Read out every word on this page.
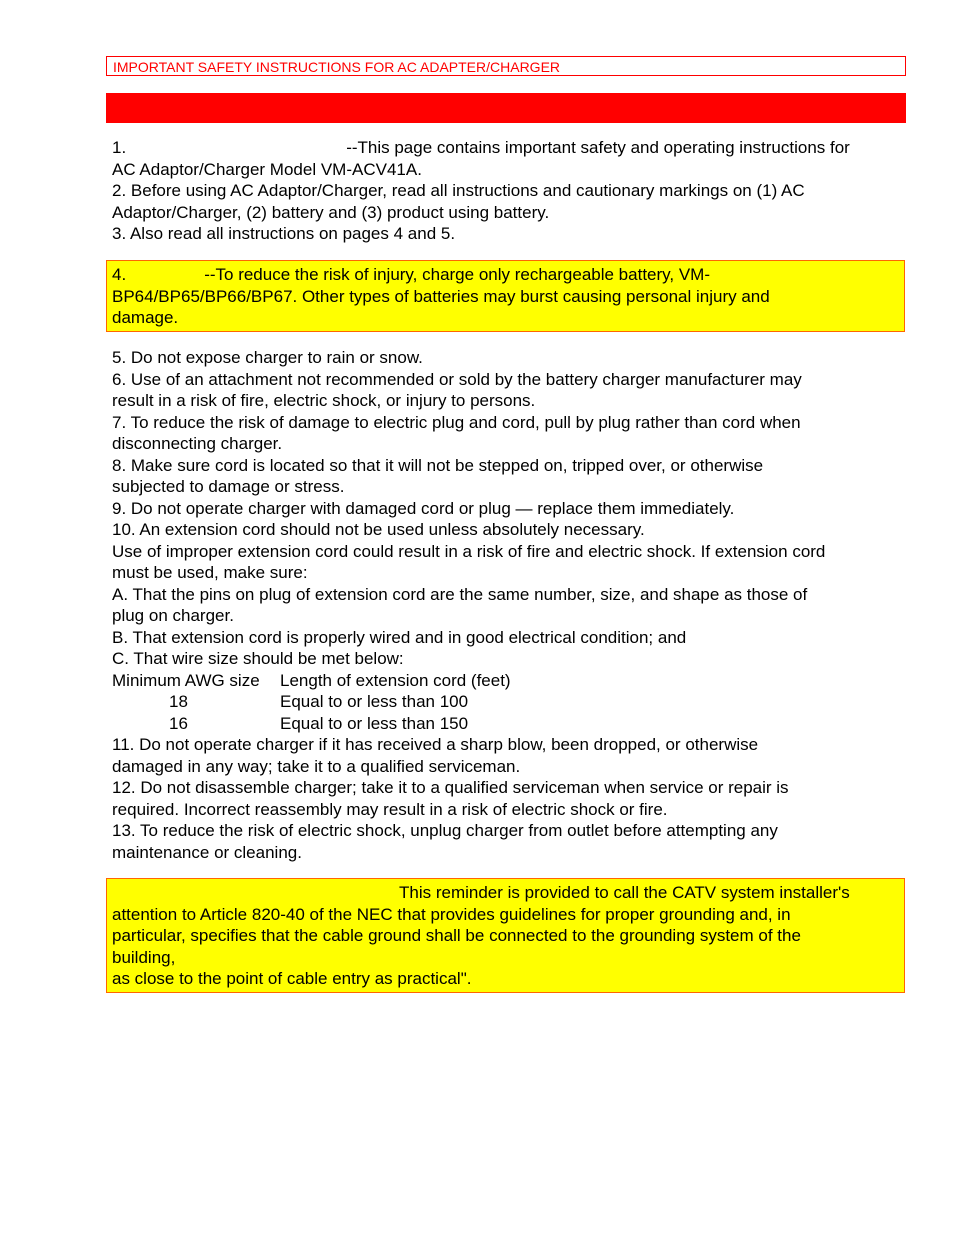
IMPORTANT SAFETY INSTRUCTIONS FOR AC ADAPTER/CHARGER
1.	--This page contains important safety and operating instructions for
AC Adaptor/Charger Model VM-ACV41A.
2. Before using AC Adaptor/Charger, read all instructions and cautionary markings on (1) AC
Adaptor/Charger, (2) battery and (3) product using battery.
3. Also read all instructions on pages 4 and 5.
4.	--To reduce the risk of injury, charge only rechargeable battery, VM-
BP64/BP65/BP66/BP67. Other types of batteries may burst causing personal injury and
damage.
5. Do not expose charger to rain or snow.
6. Use of an attachment not recommended or sold by the battery charger manufacturer may
result in a risk of fire, electric shock, or injury to persons.
7. To reduce the risk of damage to electric plug and cord, pull by plug rather than cord when
disconnecting charger.
8. Make sure cord is located so that it will not be stepped on, tripped over, or otherwise
subjected to damage or stress.
9. Do not operate charger with damaged cord or plug — replace them immediately.
10. An extension cord should not be used unless absolutely necessary.
Use of improper extension cord could result in a risk of fire and electric shock. If extension cord
must be used, make sure:
A. That the pins on plug of extension cord are the same number, size, and shape as those of
plug on charger.
B. That extension cord is properly wired and in good electrical condition; and
C. That wire size should be met below:
Minimum AWG size Length of extension cord (feet)
18	Equal to or less than 100
16	Equal to or less than 150
11. Do not operate charger if it has received a sharp blow, been dropped, or otherwise
damaged in any way; take it to a qualified serviceman.
12. Do not disassemble charger; take it to a qualified serviceman when service or repair is
required. Incorrect reassembly may result in a risk of electric shock or fire.
13. To reduce the risk of electric shock, unplug charger from outlet before attempting any
maintenance or cleaning.
This reminder is provided to call the CATV system installer's
attention to Article 820-40 of the NEC that provides guidelines for proper grounding and, in
particular, specifies that the cable ground shall be connected to the grounding system of the
building,
as close to the point of cable entry as practical".
